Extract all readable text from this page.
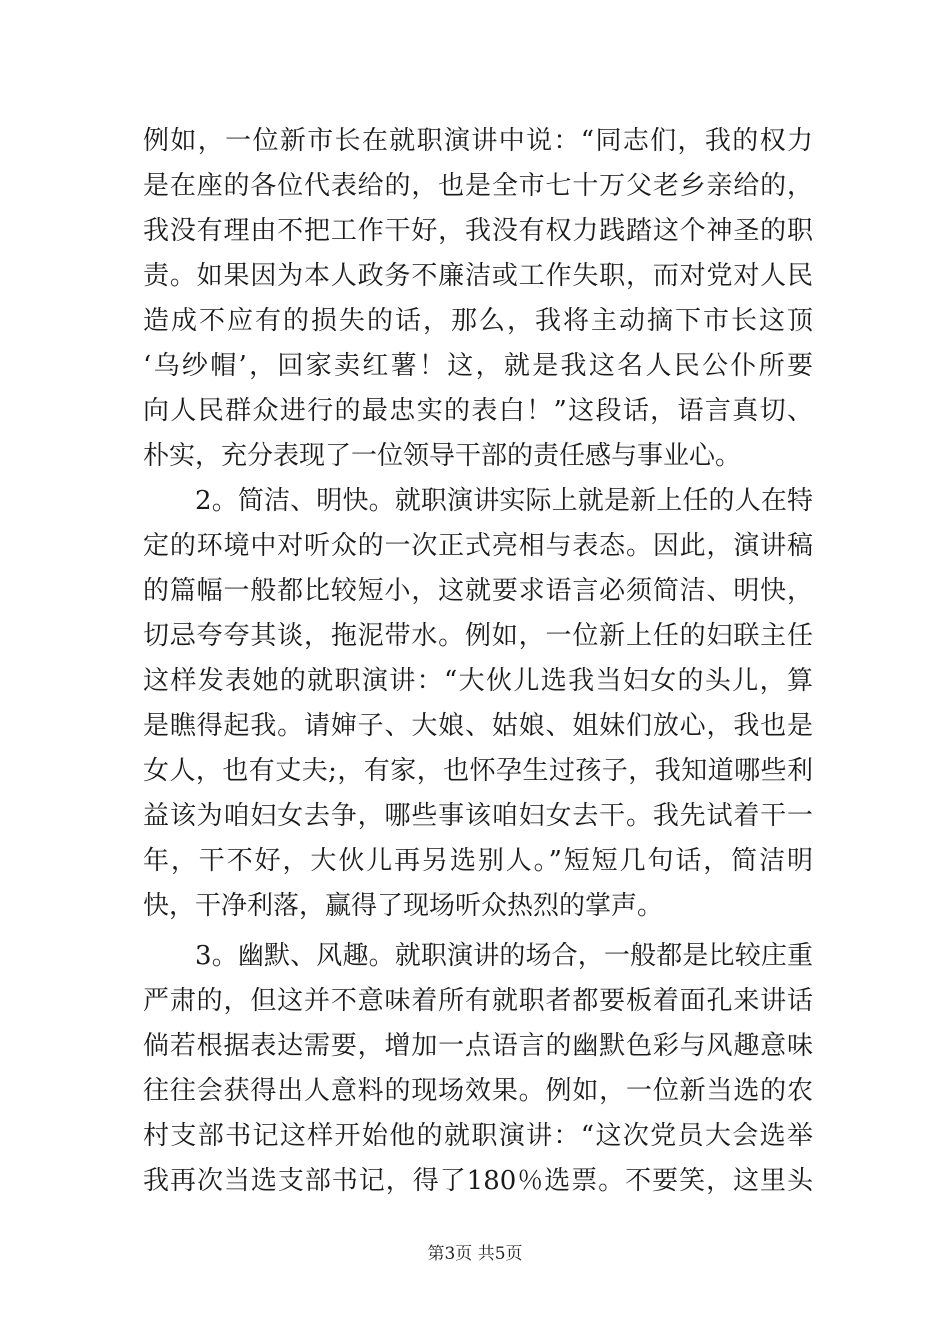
例如，一位新市长在就职演讲中说：“同志们，我的权力
是在座的各位代表给的，也是全市七十万父老乡亲给的，
我没有理由不把工作干好，我没有权力践踏这个神圣的职
责。如果因为本人政务不廉洁或工作失职，而对党对人民
造成不应有的损失的话，那么，我将主动摘下市长这顶
‘乌纱帽’，回家卖红薯！这，就是我这名人民公仆所要
向人民群众进行的最忠实的表白！”这段话，语言真切、
朴实，充分表现了一位领导干部的责任感与事业心。
2。简洁、明快。就职演讲实际上就是新上任的人在特
定的环境中对听众的一次正式亮相与表态。因此，演讲稿
的篇幅一般都比较短小，这就要求语言必须简洁、明快，
切忌夸夸其谈，拖泥带水。例如，一位新上任的妇联主任
这样发表她的就职演讲：“大伙儿选我当妇女的头儿，算
是瞧得起我。请婶子、大娘、姑娘、姐妹们放心，我也是
女人，也有丈夫;，有家，也怀孕生过孩子，我知道哪些利
益该为咱妇女去争，哪些事该咱妇女去干。我先试着干一
年，干不好，大伙儿再另选别人。”短短几句话，简洁明
快，干净利落，赢得了现场听众热烈的掌声。
3。幽默、风趣。就职演讲的场合，一般都是比较庄重
严肃的，但这并不意味着所有就职者都要板着面孔来讲话
倘若根据表达需要，增加一点语言的幽默色彩与风趣意味
往往会获得出人意料的现场效果。例如，一位新当选的农
村支部书记这样开始他的就职演讲：“这次党员大会选举
我再次当选支部书记，得了180％选票。不要笑，这里头
第3页 共5页
